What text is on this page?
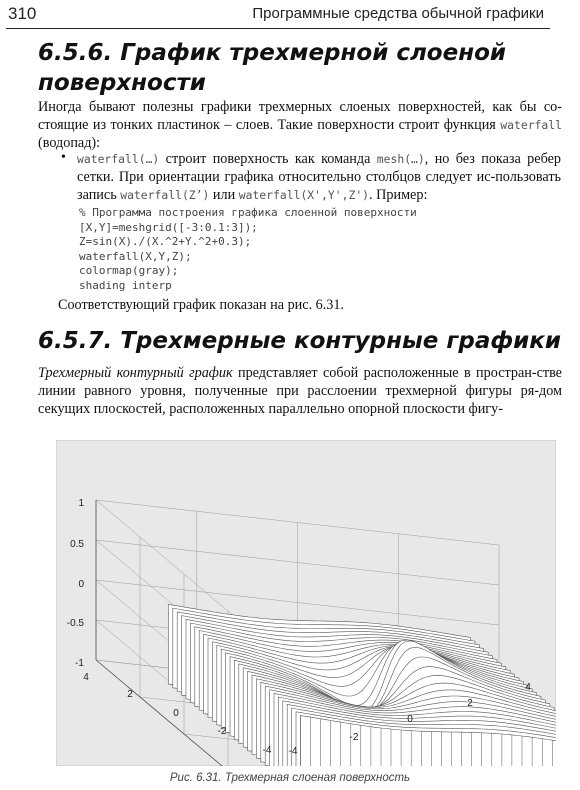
310	Программные средства обычной графики
6.5.6. График трехмерной слоеной
поверхности

Иногда бывают полезны графики трехмерных слоеных поверхностей, как бы со-стоящие из тонких пластинок – слоев. Такие поверхности строит функция waterfall (водопад):

• waterfall(…) строит поверхность как команда mesh(…), но без показа ребер сетки. При ориентации графика относительно столбцов следует ис-пользовать запись waterfall(Z’) или waterfall(X',Y',Z'). Пример:

% Программа построения графика слоенной поверхности
[X,Y]=meshgrid([-3:0.1:3]);
Z=sin(X)./(X.^2+Y.^2+0.3);
waterfall(X,Y,Z);
colormap(gray);
shading interp

Соответствующий график показан на рис. 6.31.

6.5.7. Трехмерные контурные графики

Трехмерный контурный график представляет собой расположенные в простран-стве линии равного уровня, полученные при расслоении трехмерной фигуры ря-дом секущих плоскостей, расположенных параллельно опорной плоскости фигу-

1
0.5
0
-0.5
-1
4
2
0
-2
-4 -4
-2
0
2
4
Рис. 6.31. Трехмерная слоеная поверхность
